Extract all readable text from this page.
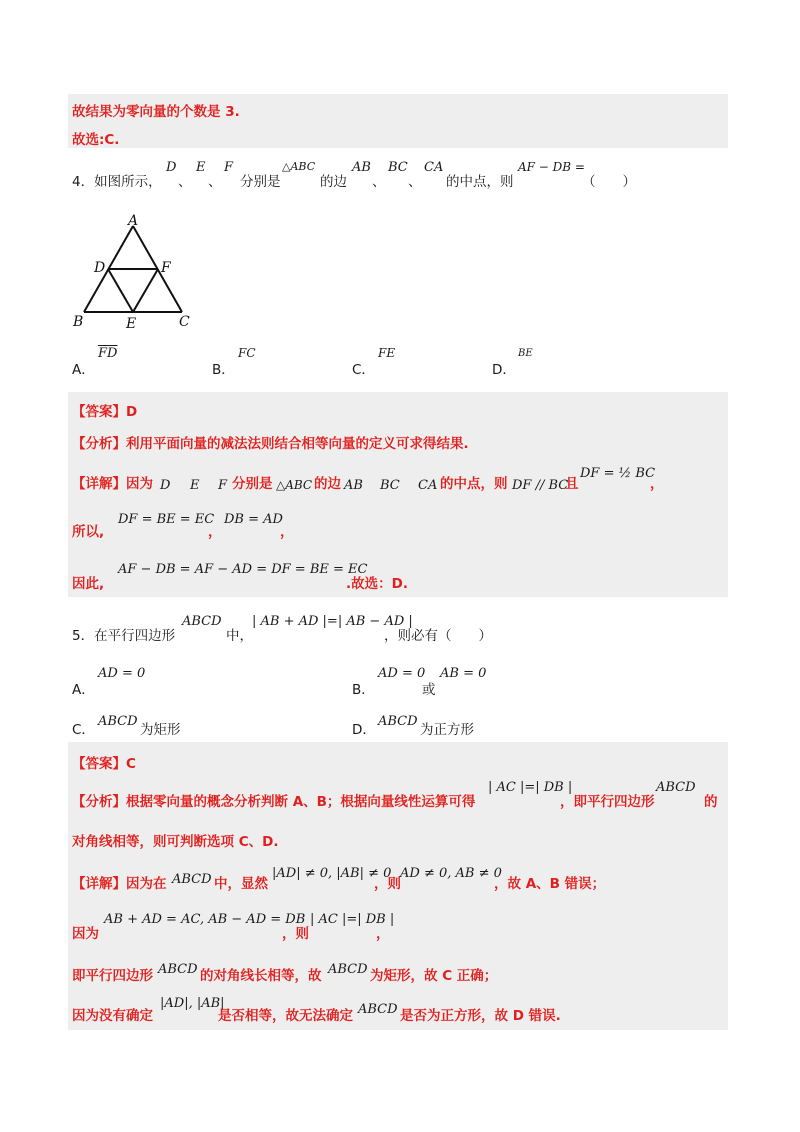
故结果为零向量的个数是 3.
故选:C.
4．如图所示，
D
、
E
、
F
分别是
△ABC
的边
AB
、
BC
、
CA
的中点，则
AF − DB =
（　　）
A
D	F
B	E	C
A．
$\overline{FD}$
B．
FC
C．
FE
D．
BE
【答案】D
【分析】利用平面向量的减法法则结合相等向量的定义可求得结果.
【详解】因为 D E F 分别是 △ABC 的边 AB BC CA 的中点，则 DF // BC
且
DF = ½ BC
，
所以,
DF = BE = EC
，
DB = AD
，
因此,
AF − DB = AF − AD = DF = BE = EC
.故选：D.
5．在平行四边形
ABCD
中，
| AB + AD |=| AB − AD |
，则必有（　　）
A．
AD = 0
B．
AD = 0
或
AB = 0
C．
ABCD
为矩形	D．
ABCD
为正方形
【答案】C
【分析】根据零向量的概念分析判断 A、B；根据向量线性运算可得
| AC |=| DB |
，即平行四边形
ABCD
的
对角线相等，则可判断选项 C、D.
【详解】因为在 ABCD 中，显然
|AD| ≠ 0, |AB| ≠ 0
，则
AD ≠ 0, AB ≠ 0
，故 A、B 错误；
因为
AB + AD = AC, AB − AD = DB
，则
| AC |=| DB |
，
即平行四边形 ABCD 的对角线长相等，故 ABCD 为矩形，故 C 正确；
因为没有确定
|AD|, |AB|
是否相等，故无法确定 ABCD 是否为正方形，故 D 错误.
